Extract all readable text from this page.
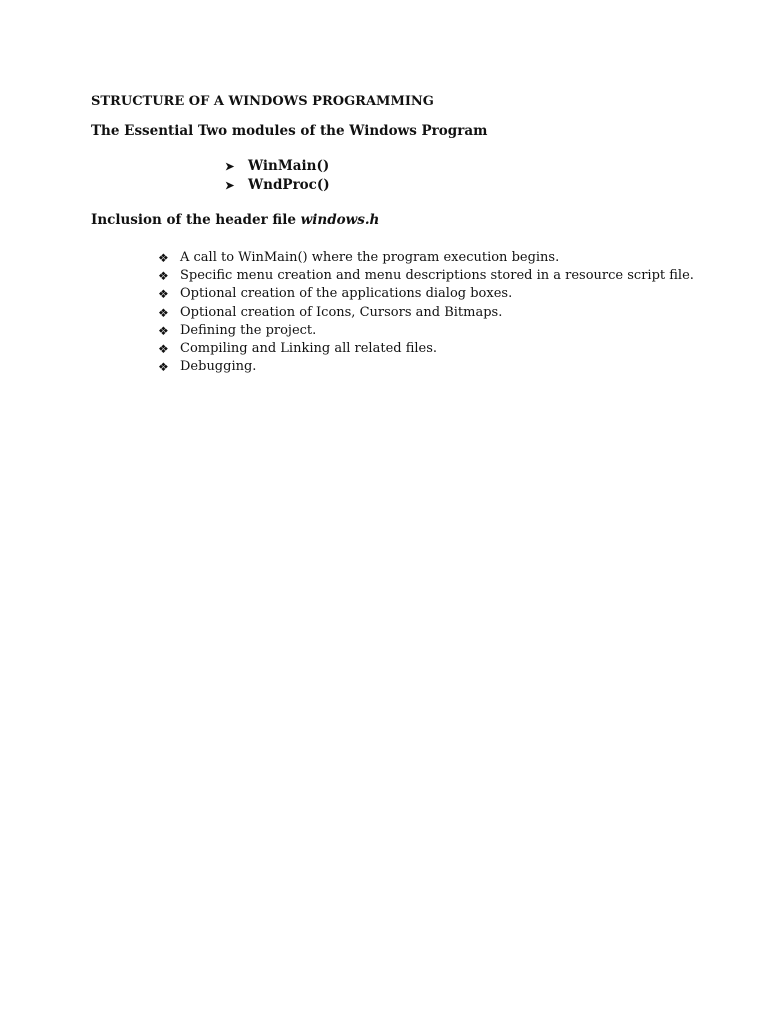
STRUCTURE OF A WINDOWS PROGRAMMING
The Essential Two modules of the Windows Program
➤ WinMain()
➤ WndProc()
Inclusion of the header file windows.h
❖ A call to WinMain() where the program execution begins.
❖ Specific menu creation and menu descriptions stored in a resource script file.
❖ Optional creation of the applications dialog boxes.
❖ Optional creation of Icons, Cursors and Bitmaps.
❖ Defining the project.
❖ Compiling and Linking all related files.
❖ Debugging.
